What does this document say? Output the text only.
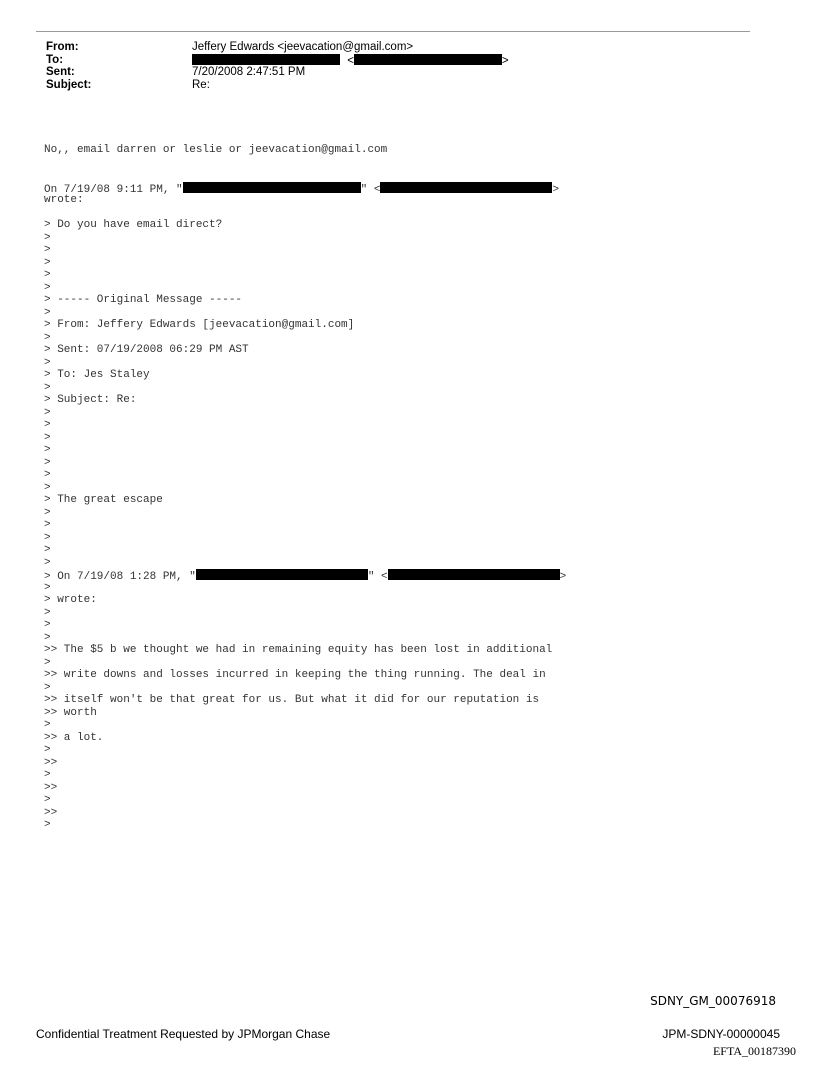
From:	Jeffery Edwards <jeevacation@gmail.com>
To:	<	>
Sent:	7/20/2008 2:47:51 PM
Subject:	Re:
No,, email darren or leslie or jeevacation@gmail.com
On 7/19/08 9:11 PM, "	" <	>
wrote:
> Do you have email direct?
>
>
>
>
>
> ----- Original Message -----
>
> From: Jeffery Edwards [jeevacation@gmail.com]
>
> Sent: 07/19/2008 06:29 PM AST
>
> To: Jes Staley
>
> Subject: Re:
>
>
>
>
>
>
>
> The great escape
>
>
>
>
>
> On 7/19/08 1:28 PM, "	" <	>
>
> wrote:
>
>
>
>> The $5 b we thought we had in remaining equity has been lost in additional
>
>> write downs and losses incurred in keeping the thing running. The deal in
>
>> itself won't be that great for us. But what it did for our reputation is
>> worth
>
>> a lot.
>
>>
>
>>
>
>>
>
SDNY_GM_00076918
Confidential Treatment Requested by JPMorgan Chase	JPM-SDNY-00000045
EFTA_00187390
